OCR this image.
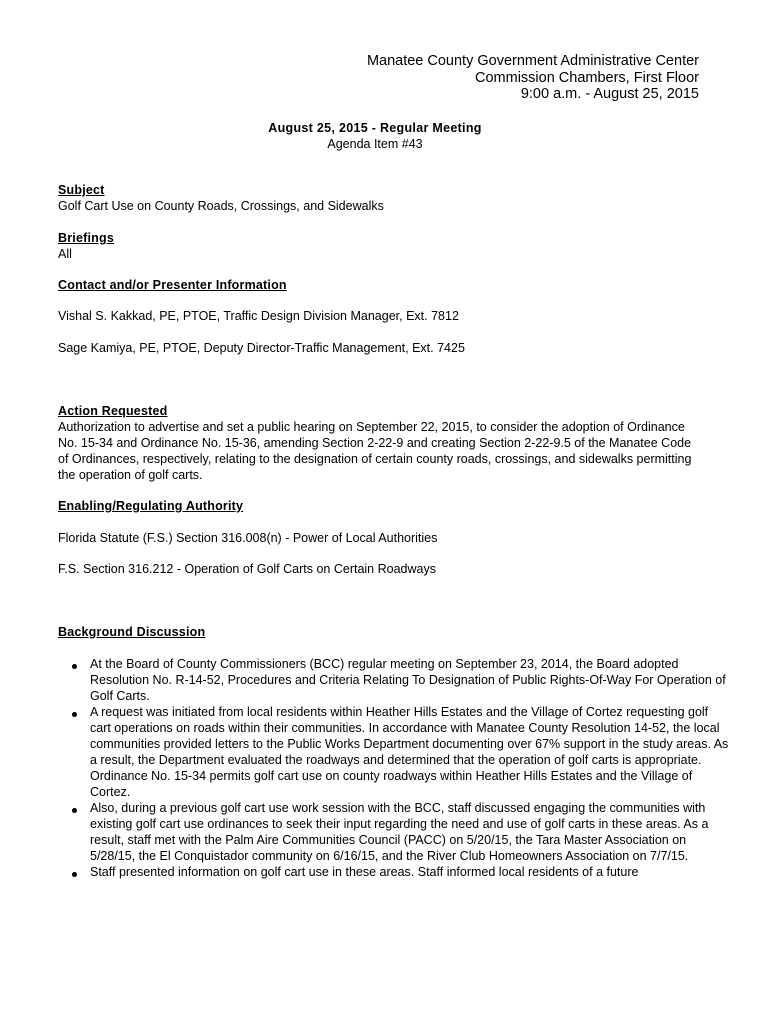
Manatee County Government Administrative Center
Commission Chambers, First Floor
9:00 a.m. - August 25, 2015
August 25, 2015 - Regular Meeting
Agenda Item #43
Subject
Golf Cart Use on County Roads, Crossings, and Sidewalks
Briefings
All
Contact and/or Presenter Information
Vishal S. Kakkad, PE, PTOE, Traffic Design Division Manager, Ext. 7812
Sage Kamiya, PE, PTOE, Deputy Director-Traffic Management, Ext. 7425
Action Requested
Authorization to advertise and set a public hearing on September 22, 2015, to consider the adoption of Ordinance No. 15-34 and Ordinance No. 15-36, amending Section 2-22-9 and creating Section 2-22-9.5 of the Manatee Code of Ordinances, respectively, relating to the designation of certain county roads, crossings, and sidewalks permitting the operation of golf carts.
Enabling/Regulating Authority
Florida Statute (F.S.) Section 316.008(n) - Power of Local Authorities
F.S. Section 316.212 - Operation of Golf Carts on Certain Roadways
Background Discussion
At the Board of County Commissioners (BCC) regular meeting on September 23, 2014, the Board adopted Resolution No. R-14-52, Procedures and Criteria Relating To Designation of Public Rights-Of-Way For Operation of Golf Carts.
A request was initiated from local residents within Heather Hills Estates and the Village of Cortez requesting golf cart operations on roads within their communities. In accordance with Manatee County Resolution 14-52, the local communities provided letters to the Public Works Department documenting over 67% support in the study areas. As a result, the Department evaluated the roadways and determined that the operation of golf carts is appropriate. Ordinance No. 15-34 permits golf cart use on county roadways within Heather Hills Estates and the Village of Cortez.
Also, during a previous golf cart use work session with the BCC, staff discussed engaging the communities with existing golf cart use ordinances to seek their input regarding the need and use of golf carts in these areas. As a result, staff met with the Palm Aire Communities Council (PACC) on 5/20/15, the Tara Master Association on 5/28/15, the El Conquistador community on 6/16/15, and the River Club Homeowners Association on 7/7/15.
Staff presented information on golf cart use in these areas. Staff informed local residents of a future
